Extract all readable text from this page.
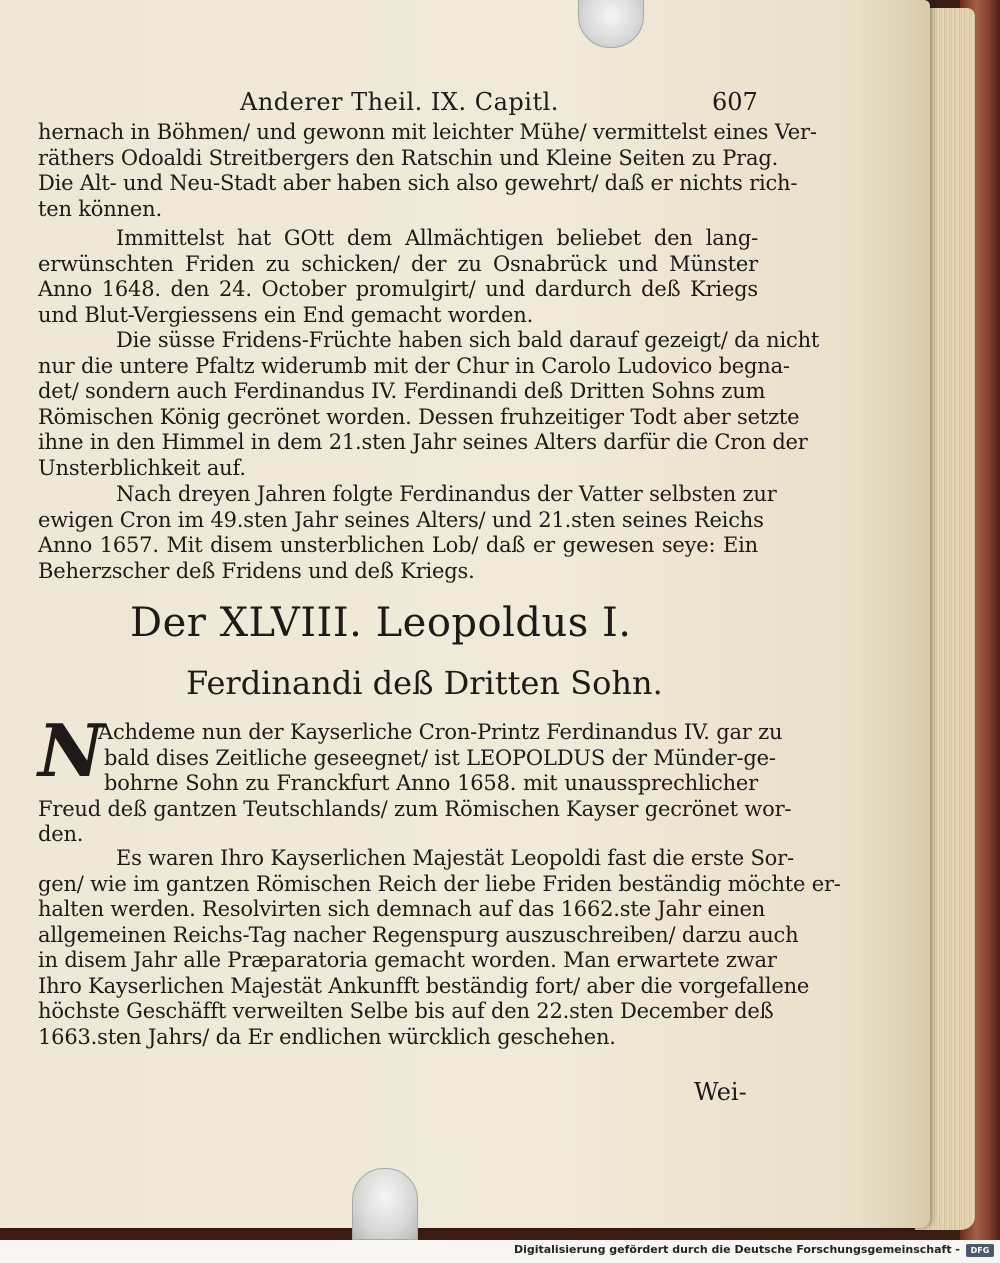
Anderer Theil. IX. Capitl.	607
hernach in Böhmen/ und gewonn mit leichter Mühe/ vermittelst eines Ver-
räthers Odoaldi Streitbergers den Ratschin und Kleine Seiten zu Prag.
Die Alt- und Neu-Stadt aber haben sich also gewehrt/ daß er nichts rich-
ten können.
Immittelst hat GOtt dem Allmächtigen beliebet den lang-
erwünschten Friden zu schicken/ der zu Osnabrück und Münster
Anno 1648. den 24. October promulgirt/ und dardurch deß Kriegs
und Blut-Vergiessens ein End gemacht worden.
Die süsse Fridens-Früchte haben sich bald darauf gezeigt/ da nicht
nur die untere Pfaltz widerumb mit der Chur in Carolo Ludovico begna-
det/ sondern auch Ferdinandus IV. Ferdinandi deß Dritten Sohns zum
Römischen König gecrönet worden. Dessen fruhzeitiger Todt aber setzte
ihne in den Himmel in dem 21.sten Jahr seines Alters darfür die Cron der
Unsterblichkeit auf.
Nach dreyen Jahren folgte Ferdinandus der Vatter selbsten zur
ewigen Cron im 49.sten Jahr seines Alters/ und 21.sten seines Reichs
Anno 1657. Mit disem unsterblichen Lob/ daß er gewesen seye: Ein
Beherzscher deß Fridens und deß Kriegs.
Der XLVIII. Leopoldus I.
Ferdinandi deß Dritten Sohn.
N
Achdeme nun der Kayserliche Cron-Printz Ferdinandus IV. gar zu
bald dises Zeitliche geseegnet/ ist LEOPOLDUS der Münder-ge-
bohrne Sohn zu Franckfurt Anno 1658. mit unaussprechlicher
Freud deß gantzen Teutschlands/ zum Römischen Kayser gecrönet wor-
den.
Es waren Ihro Kayserlichen Majestät Leopoldi fast die erste Sor-
gen/ wie im gantzen Römischen Reich der liebe Friden beständig möchte er-
halten werden. Resolvirten sich demnach auf das 1662.ste Jahr einen
allgemeinen Reichs-Tag nacher Regenspurg auszuschreiben/ darzu auch
in disem Jahr alle Præparatoria gemacht worden. Man erwartete zwar
Ihro Kayserlichen Majestät Ankunfft beständig fort/ aber die vorgefallene
höchste Geschäfft verweilten Selbe bis auf den 22.sten December deß
1663.sten Jahrs/ da Er endlichen würcklich geschehen.
Wei-
Digitalisierung gefördert durch die Deutsche Forschungsgemeinschaft -	DFG
